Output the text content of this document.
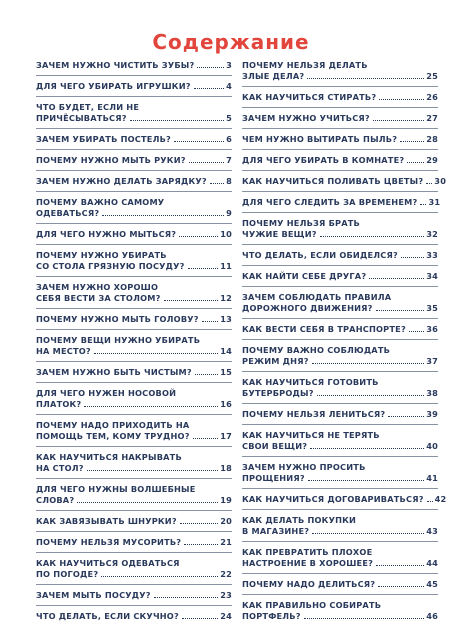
Содержание
ЗАЧЕМ НУЖНО ЧИСТИТЬ ЗУБЫ?	3
ДЛЯ ЧЕГО УБИРАТЬ ИГРУШКИ?	4
ЧТО БУДЕТ, ЕСЛИ НЕ
ПРИЧЁСЫВАТЬСЯ?	5
ЗАЧЕМ УБИРАТЬ ПОСТЕЛЬ?	6
ПОЧЕМУ НУЖНО МЫТЬ РУКИ?	7
ЗАЧЕМ НУЖНО ДЕЛАТЬ ЗАРЯДКУ? 8
ПОЧЕМУ ВАЖНО САМОМУ
ОДЕВАТЬСЯ?	9
ДЛЯ ЧЕГО НУЖНО МЫТЬСЯ?	10
ПОЧЕМУ НУЖНО УБИРАТЬ
СО СТОЛА ГРЯЗНУЮ ПОСУДУ?	11
ЗАЧЕМ НУЖНО ХОРОШО
СЕБЯ ВЕСТИ ЗА СТОЛОМ?	12
ПОЧЕМУ НУЖНО МЫТЬ ГОЛОВУ?	13
ПОЧЕМУ ВЕЩИ НУЖНО УБИРАТЬ
НА МЕСТО?	14
ЗАЧЕМ НУЖНО БЫТЬ ЧИСТЫМ?	15
ДЛЯ ЧЕГО НУЖЕН НОСОВОЙ
ПЛАТОК?	16
ПОЧЕМУ НАДО ПРИХОДИТЬ НА
ПОМОЩЬ ТЕМ, КОМУ ТРУДНО?	17
КАК НАУЧИТЬСЯ НАКРЫВАТЬ
НА СТОЛ?	18
ДЛЯ ЧЕГО НУЖНЫ ВОЛШЕБНЫЕ
СЛОВА?	19
КАК ЗАВЯЗЫВАТЬ ШНУРКИ?	20
ПОЧЕМУ НЕЛЬЗЯ МУСОРИТЬ?	21
КАК НАУЧИТЬСЯ ОДЕВАТЬСЯ
ПО ПОГОДЕ?	22
ЗАЧЕМ МЫТЬ ПОСУДУ?	23
ЧТО ДЕЛАТЬ, ЕСЛИ СКУЧНО?	24
ПОЧЕМУ НЕЛЬЗЯ ДЕЛАТЬ
ЗЛЫЕ ДЕЛА?	25
КАК НАУЧИТЬСЯ СТИРАТЬ?	26
ЗАЧЕМ НУЖНО УЧИТЬСЯ?	27
ЧЕМ НУЖНО ВЫТИРАТЬ ПЫЛЬ?	28
ДЛЯ ЧЕГО УБИРАТЬ В КОМНАТЕ?	29
КАК НАУЧИТЬСЯ ПОЛИВАТЬ ЦВЕТЫ? 30
ДЛЯ ЧЕГО СЛЕДИТЬ ЗА ВРЕМЕНЕМ? 31
ПОЧЕМУ НЕЛЬЗЯ БРАТЬ
ЧУЖИЕ ВЕЩИ?	32
ЧТО ДЕЛАТЬ, ЕСЛИ ОБИДЕЛСЯ?	33
КАК НАЙТИ СЕБЕ ДРУГА?	34
ЗАЧЕМ СОБЛЮДАТЬ ПРАВИЛА
ДОРОЖНОГО ДВИЖЕНИЯ?	35
КАК ВЕСТИ СЕБЯ В ТРАНСПОРТЕ? 36
ПОЧЕМУ ВАЖНО СОБЛЮДАТЬ
РЕЖИМ ДНЯ?	37
КАК НАУЧИТЬСЯ ГОТОВИТЬ
БУТЕРБРОДЫ?	38
ПОЧЕМУ НЕЛЬЗЯ ЛЕНИТЬСЯ?	39
КАК НАУЧИТЬСЯ НЕ ТЕРЯТЬ
СВОИ ВЕЩИ?	40
ЗАЧЕМ НУЖНО ПРОСИТЬ
ПРОЩЕНИЯ?	41
КАК НАУЧИТЬСЯ ДОГОВАРИВАТЬСЯ? 42
КАК ДЕЛАТЬ ПОКУПКИ
В МАГАЗИНЕ?	43
КАК ПРЕВРАТИТЬ ПЛОХОЕ
НАСТРОЕНИЕ В ХОРОШЕЕ?	44
ПОЧЕМУ НАДО ДЕЛИТЬСЯ?	45
КАК ПРАВИЛЬНО СОБИРАТЬ
ПОРТФЕЛЬ?	46
